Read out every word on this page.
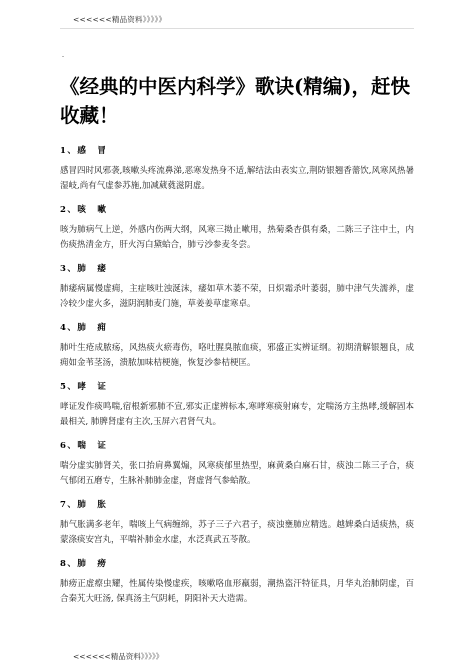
<<<<<<精品资料》》》》》
-
《经典的中医内科学》歌诀(精编)，赶快收藏！
1、感　冒
感冒四时风邪袭,咳嗽头疼流鼻涕,恶寒发热身不适,解结法由表实立,荆防银翘香薷饮,风寒风热暑湿岐,尚有气虚参苏施,加减葳蕤滋阴虚。
2、咳　嗽
咳为肺病气上逆，外感内伤两大纲，风寒三拗止嗽用，热菊桑杏俱有桑，二陈三子注中土，内伤痰热清金方，肝火泻白黛蛤合，肺亏沙参麦冬尝。
3、肺　痿
肺痿病属慢虚痈，主症咳吐浊涎沫，痿如草木萎不荣，日炽霜杀叶萎弱，肺中津气失濡养，虚冷较少虚火多，滋阴润肺麦门施，草姜姜草虚寒卓。
4、肺　痈
肺叶生疮成脓疡，风热痰火瘀毒伤，咯吐腥臭脓血痰，邪盛正实辨证纲。初期清解银翘良，成痈如金苇茎汤，溃脓加味桔梗施，恢复沙参桔梗匡。
5、哮　证
哮证发作痰鸣喘,宿根新邪肺不宣,邪实正虚辨标本,寒哮寒痰射麻专，定喘汤方主热哮,缓解固本最相关, 肺脾肾虚有主次,玉屏六君肾气丸。
6、喘　证
喘分虚实肺肾关，张口抬肩鼻翼煽，风寒痰郁里热型，麻黄桑白麻石甘，痰浊二陈三子合，痰气郁闭五磨专，生脉补肺肺金虚，肾虚肾气参蛤散。
7、肺　胀
肺气胀满多老年，喘咳上气病缠绵，苏子三子六君子，痰浊壅肺应精选。越婢桑白适痰热，痰蒙涤痰安宫丸，平喘补肺金水虚，水泛真武五苓散。
8、肺　痨
肺痨正虚瘵虫耀，性属传染慢虚疾，咳嗽咯血形羸弱，潮热盗汗特征具，月华丸治肺阴虚，百合秦艽大旺汤, 保真汤主气阴耗，阴阳补天大造需。
<<<<<<精品资料》》》》》
